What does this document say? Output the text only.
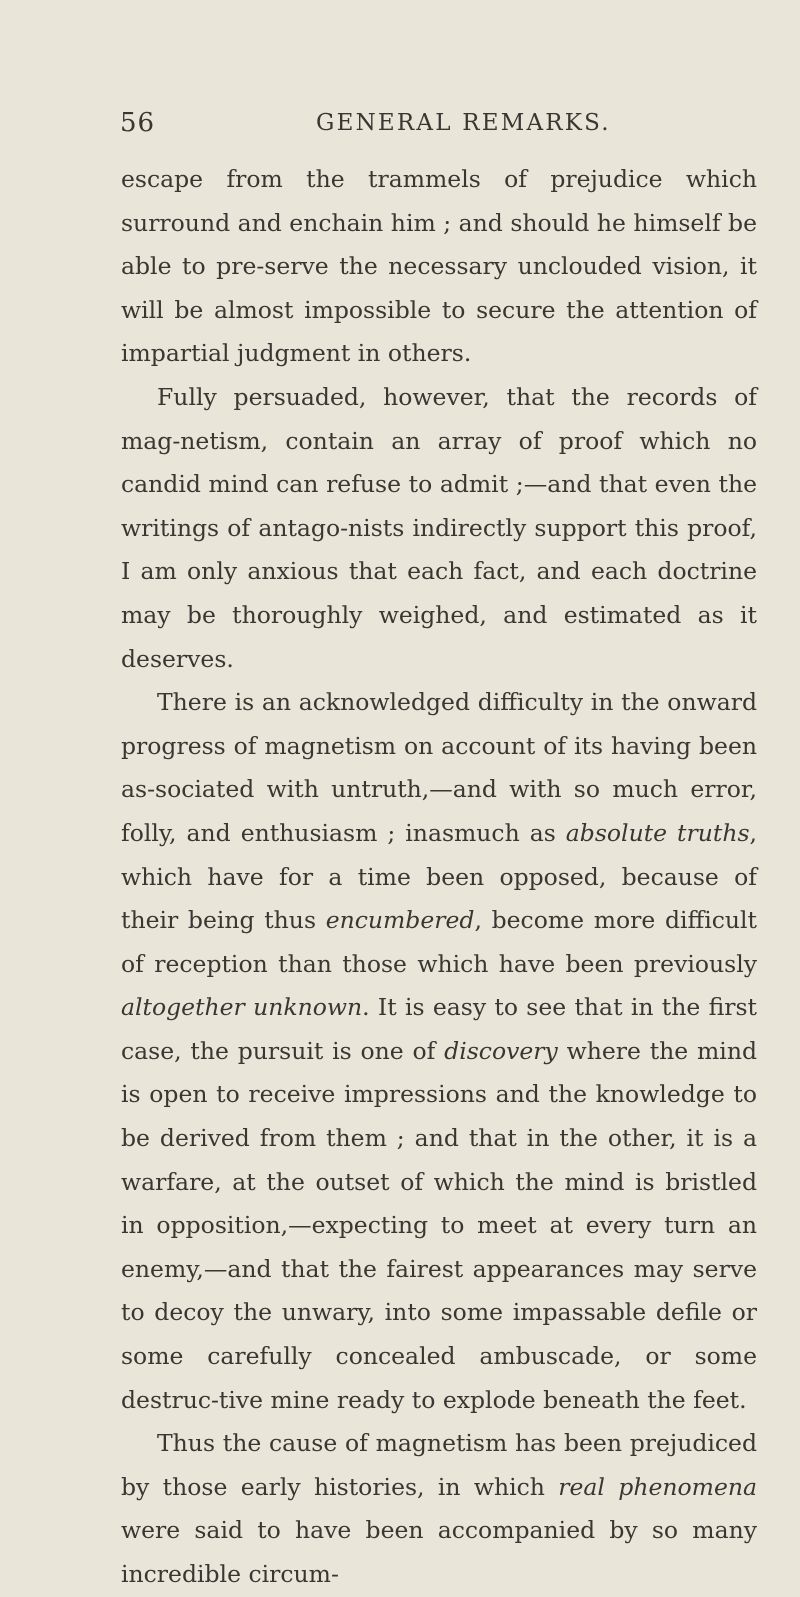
56	GENERAL REMARKS.

escape from the trammels of prejudice which surround and enchain him ; and should he himself be able to pre-serve the necessary unclouded vision, it will be almost impossible to secure the attention of impartial judgment in others.

Fully persuaded, however, that the records of mag-netism, contain an array of proof which no candid mind can refuse to admit ;—and that even the writings of antago-nists indirectly support this proof, I am only anxious that each fact, and each doctrine may be thoroughly weighed, and estimated as it deserves.

There is an acknowledged difficulty in the onward progress of magnetism on account of its having been as-sociated with untruth,—and with so much error, folly, and enthusiasm ; inasmuch as absolute truths, which have for a time been opposed, because of their being thus encumbered, become more difficult of reception than those which have been previously altogether unknown. It is easy to see that in the first case, the pursuit is one of discovery where the mind is open to receive impressions and the knowledge to be derived from them ; and that in the other, it is a warfare, at the outset of which the mind is bristled in opposition,—expecting to meet at every turn an enemy,—and that the fairest appearances may serve to decoy the unwary, into some impassable defile or some carefully concealed ambuscade, or some destruc-tive mine ready to explode beneath the feet.

Thus the cause of magnetism has been prejudiced by those early histories, in which real phenomena were said to have been accompanied by so many incredible circum-
